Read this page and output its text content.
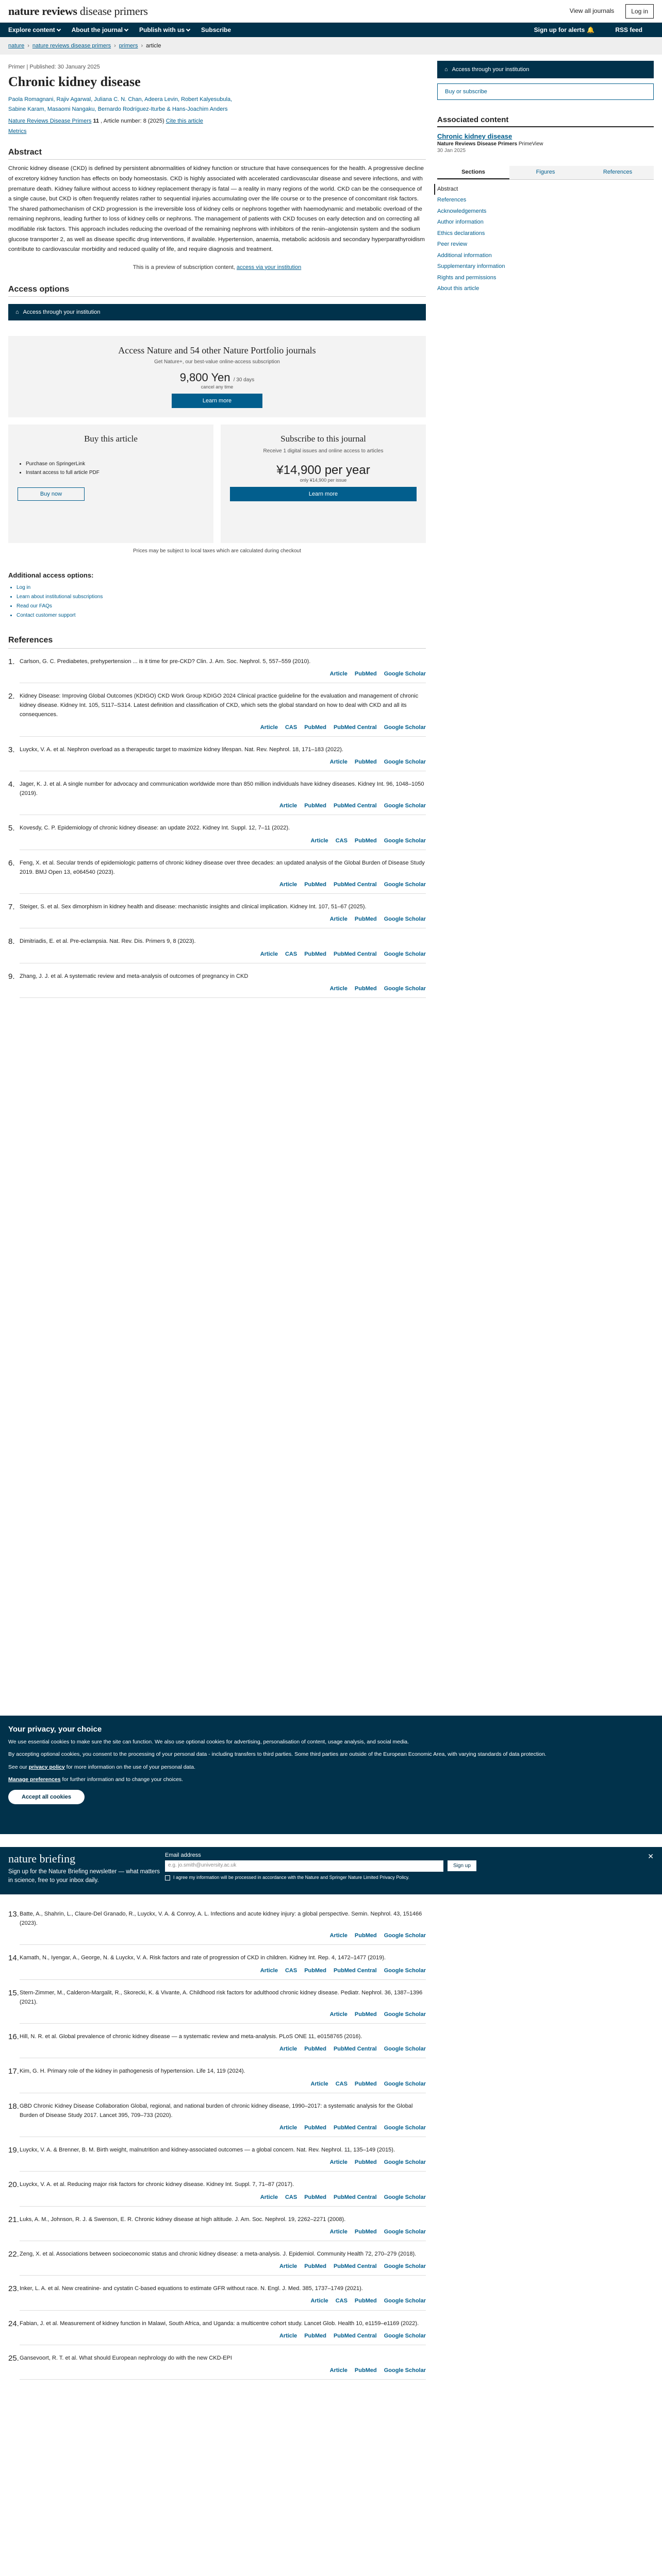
nature reviews disease primers	View all journals	Log in
Explore content	About the journal	Publish with us	Subscribe	Sign up for alerts 🔔	RSS feed
nature › nature reviews disease primers › primers › article
Primer | Published: 30 January 2025
Chronic kidney disease
Paola Romagnani, Rajiv Agarwal, Juliana C. N. Chan, Adeera Levin, Robert Kalyesubula,
Sabine Karam, Masaomi Nangaku, Bernardo Rodríguez-Iturbe & Hans-Joachim Anders
Nature Reviews Disease Primers 11 , Article number: 8 (2025) Cite this article
Metrics
Abstract

Chronic kidney disease (CKD) is defined by persistent abnormalities of kidney function or structure that have consequences for the health. A progressive decline of excretory kidney function has effects on body homeostasis. CKD is highly associated with accelerated cardiovascular disease and severe infections, and with premature death. Kidney failure without access to kidney replacement therapy is fatal — a reality in many regions of the world. CKD can be the consequence of a single cause, but CKD is often frequently relates rather to sequential injuries accumulating over the life course or to the presence of concomitant risk factors. The shared pathomechanism of CKD progression is the irreversible loss of kidney cells or nephrons together with haemodynamic and metabolic overload of the remaining nephrons, leading further to loss of kidney cells or nephrons. The management of patients with CKD focuses on early detection and on correcting all modifiable risk factors. This approach includes reducing the overload of the remaining nephrons with inhibitors of the renin–angiotensin system and the sodium glucose transporter 2, as well as disease specific drug interventions, if available. Hypertension, anaemia, metabolic acidosis and secondary hyperparathyroidism contribute to cardiovascular morbidity and reduced quality of life, and require diagnosis and treatment.

This is a preview of subscription content, access via your institution
Access options
⌂ Access through your institution
Access Nature and 54 other Nature Portfolio journals
Get Nature+, our best-value online-access subscription
9,800 Yen / 30 days
cancel any time
Learn more
Buy this article
• Purchase on SpringerLink
• Instant access to full article PDF
Buy now
Subscribe to this journal
Receive 1 digital issues and online access to articles
¥14,900 per year
only ¥14,900 per issue
Learn more
Prices may be subject to local taxes which are calculated during checkout
Additional access options:
• Log in
• Learn about institutional subscriptions
• Read our FAQs
• Contact customer support
References
1. Carlson, G. C. Prediabetes, prehypertension ... is it time for pre-CKD? Clin. J. Am. Soc. Nephrol. 5, 557–559 (2010).
Article PubMed Google Scholar
2. Kidney Disease: Improving Global Outcomes (KDIGO) CKD Work Group KDIGO 2024 Clinical practice guideline for the evaluation and management of chronic kidney disease. Kidney Int. 105, S117–S314. Latest definition and classification of CKD, which sets the global standard on how to deal with CKD and all its consequences.
Article CAS PubMed PubMed Central Google Scholar
3. Luyckx, V. A. et al. Nephron overload as a therapeutic target to maximize kidney lifespan. Nat. Rev. Nephrol. 18, 171–183 (2022).
Article PubMed Google Scholar
4. Jager, K. J. et al. A single number for advocacy and communication worldwide more than 850 million individuals have kidney diseases. Kidney Int. 96, 1048–1050 (2019).
Article PubMed PubMed Central Google Scholar
5. Kovesdy, C. P. Epidemiology of chronic kidney disease: an update 2022. Kidney Int. Suppl. 12, 7–11 (2022).
Article CAS PubMed Google Scholar
6. Feng, X. et al. Secular trends of epidemiologic patterns of chronic kidney disease over three decades: an updated analysis of the Global Burden of Disease Study 2019. BMJ Open 13, e064540 (2023).
Article PubMed PubMed Central Google Scholar
7. Steiger, S. et al. Sex dimorphism in kidney health and disease: mechanistic insights and clinical implication. Kidney Int. 107, 51–67 (2025).
Article PubMed Google Scholar
8. Dimitriadis, E. et al. Pre-eclampsia. Nat. Rev. Dis. Primers 9, 8 (2023).
Article CAS PubMed PubMed Central Google Scholar
9. Zhang, J. J. et al. A systematic review and meta-analysis of outcomes of pregnancy in CKD
Article PubMed Google Scholar
13. Batte, A., Shahrin, L., Claure-Del Granado, R., Luyckx, V. A. & Conroy, A. L. Infections and acute kidney injury: a global perspective. Semin. Nephrol. 43, 151466 (2023).
Article PubMed Google Scholar
14. Kamath, N., Iyengar, A., George, N. & Luyckx, V. A. Risk factors and rate of progression of CKD in children. Kidney Int. Rep. 4, 1472–1477 (2019).
Article CAS PubMed PubMed Central Google Scholar
15. Stern-Zimmer, M., Calderon-Margalit, R., Skorecki, K. & Vivante, A. Childhood risk factors for adulthood chronic kidney disease. Pediatr. Nephrol. 36, 1387–1396 (2021).
Article PubMed Google Scholar
16. Hill, N. R. et al. Global prevalence of chronic kidney disease — a systematic review and meta-analysis. PLoS ONE 11, e0158765 (2016).
Article PubMed PubMed Central Google Scholar
17. Kim, G. H. Primary role of the kidney in pathogenesis of hypertension. Life 14, 119 (2024).
Article CAS PubMed Google Scholar
18. GBD Chronic Kidney Disease Collaboration Global, regional, and national burden of chronic kidney disease, 1990–2017: a systematic analysis for the Global Burden of Disease Study 2017. Lancet 395, 709–733 (2020).
Article PubMed PubMed Central Google Scholar
19. Luyckx, V. A. & Brenner, B. M. Birth weight, malnutrition and kidney-associated outcomes — a global concern. Nat. Rev. Nephrol. 11, 135–149 (2015).
Article PubMed Google Scholar
20. Luyckx, V. A. et al. Reducing major risk factors for chronic kidney disease. Kidney Int. Suppl. 7, 71–87 (2017).
Article CAS PubMed PubMed Central Google Scholar
21. Luks, A. M., Johnson, R. J. & Swenson, E. R. Chronic kidney disease at high altitude. J. Am. Soc. Nephrol. 19, 2262–2271 (2008).
Article PubMed Google Scholar
22. Zeng, X. et al. Associations between socioeconomic status and chronic kidney disease: a meta-analysis. J. Epidemiol. Community Health 72, 270–279 (2018).
Article PubMed PubMed Central Google Scholar
23. Inker, L. A. et al. New creatinine- and cystatin C-based equations to estimate GFR without race. N. Engl. J. Med. 385, 1737–1749 (2021).
Article CAS PubMed Google Scholar
24. Fabian, J. et al. Measurement of kidney function in Malawi, South Africa, and Uganda: a multicentre cohort study. Lancet Glob. Health 10, e1159–e1169 (2022).
Article PubMed PubMed Central Google Scholar
25. Gansevoort, R. T. et al. What should European nephrology do with the new CKD-EPI
Article PubMed Google Scholar
⌂ Access through your institution
Buy or subscribe
Associated content
Chronic kidney disease
Nature Reviews Disease Primers PrimeView
30 Jan 2025
Sections	Figures	References
Abstract
References
Acknowledgements
Author information
Ethics declarations
Peer review
Additional information
Supplementary information
Rights and permissions
About this article
Your privacy, your choice

We use essential cookies to make sure the site can function. We also use optional cookies for advertising, personalisation of content, usage analysis, and social media.

By accepting optional cookies, you consent to the processing of your personal data - including transfers to third parties. Some third parties are outside of the European Economic Area, with varying standards of data protection.

See our privacy policy for more information on the use of your personal data.

Manage preferences for further information and to change your choices.

Accept all cookies
nature briefing
Sign up for the Nature Briefing newsletter — what matters in science, free to your inbox daily.
Email address
e.g. jo.smith@university.ac.uk	Sign up
I agree my information will be processed in accordance with the Nature and Springer Nature Limited Privacy Policy.
✕
